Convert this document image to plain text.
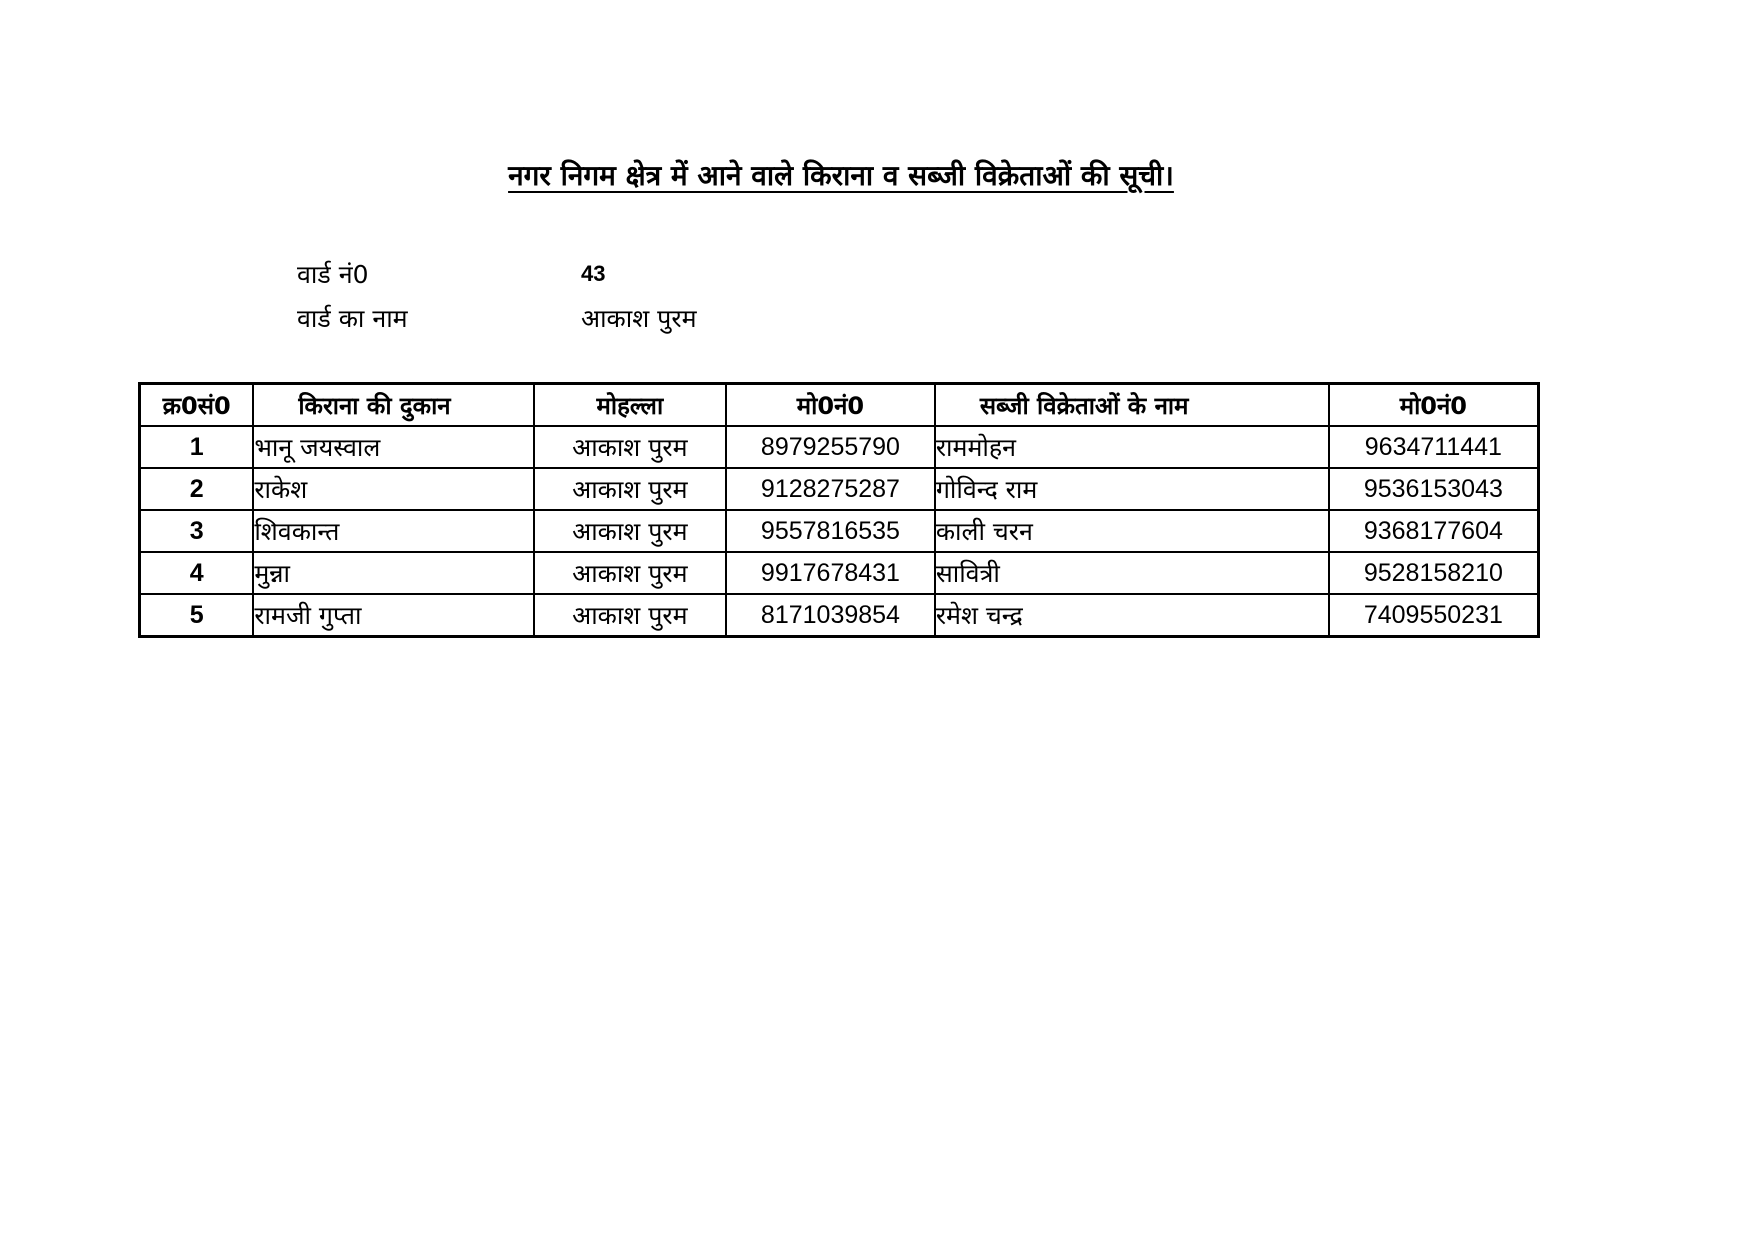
नगर निगम क्षेत्र में आने वाले किराना व सब्जी विक्रेताओं की सूची।
वार्ड नं0	43
वार्ड का नाम	आकाश पुरम
क्र0सं0	किराना की दुकान	मोहल्ला	मो0नं0	सब्जी विक्रेताओं के नाम	मो0नं0
1	भानू जयस्वाल	आकाश पुरम	8979255790	राममोहन	9634711441
2	राकेश	आकाश पुरम	9128275287	गोविन्द राम	9536153043
3	शिवकान्त	आकाश पुरम	9557816535	काली चरन	9368177604
4	मुन्ना	आकाश पुरम	9917678431	सावित्री	9528158210
5	रामजी गुप्ता	आकाश पुरम	8171039854	रमेश चन्द्र	7409550231
